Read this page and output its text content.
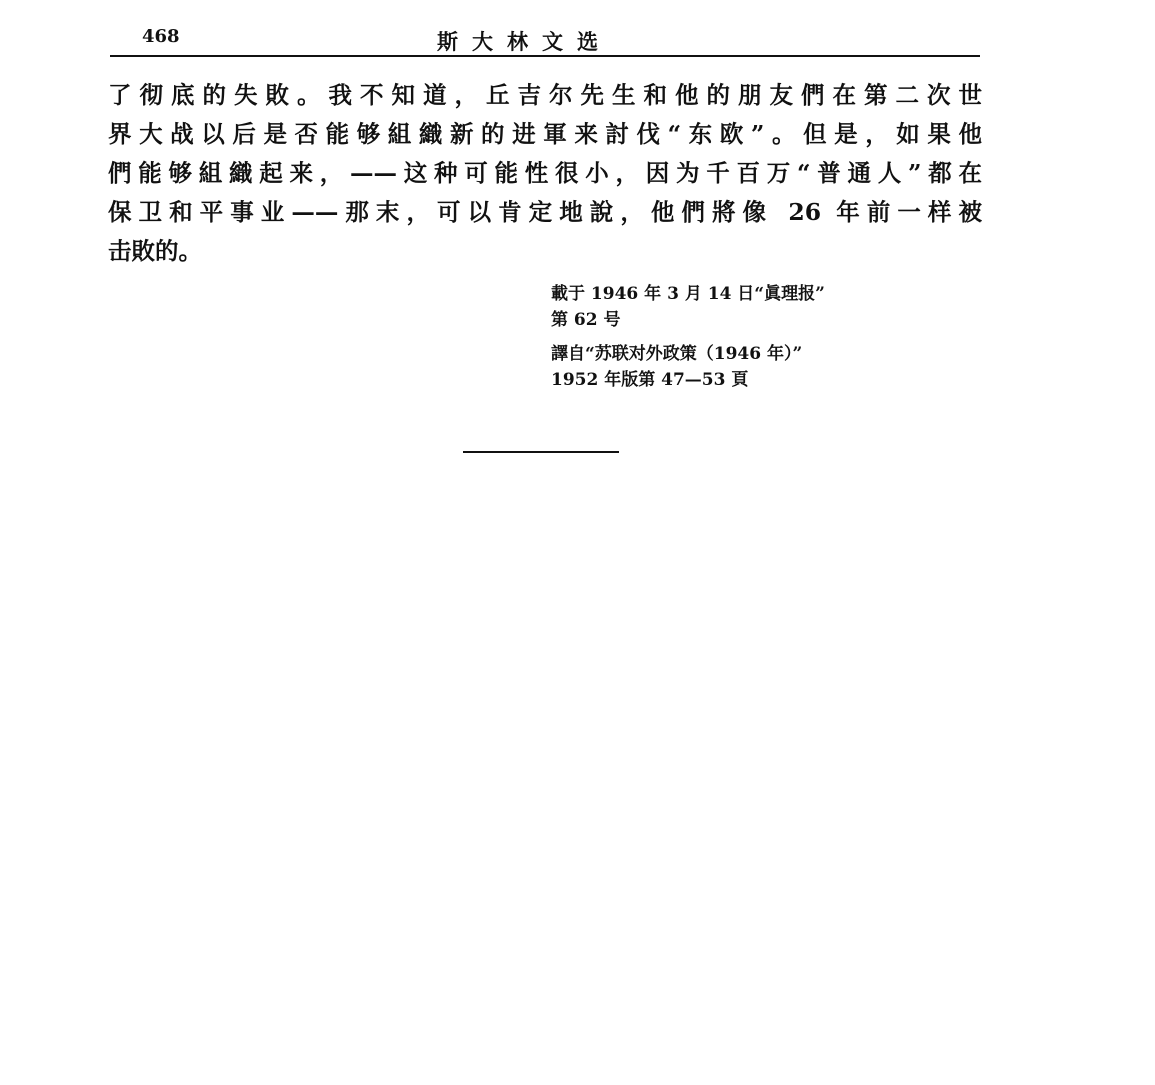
468	斯大林文选
了彻底的失敗。我不知道，丘吉尔先生和他的朋友們在第二次世
界大战以后是否能够組織新的进軍来討伐“东欧”。但是，如果他
們能够組織起来，——这种可能性很小，因为千百万“普通人”都在
保卫和平事业——那末，可以肯定地說，他們將像 26 年前一样被
击敗的。
載于 1946 年 3 月 14 日“眞理报”
第 62 号
譯自“苏联对外政策（1946 年）”
1952 年版第 47—53 頁
